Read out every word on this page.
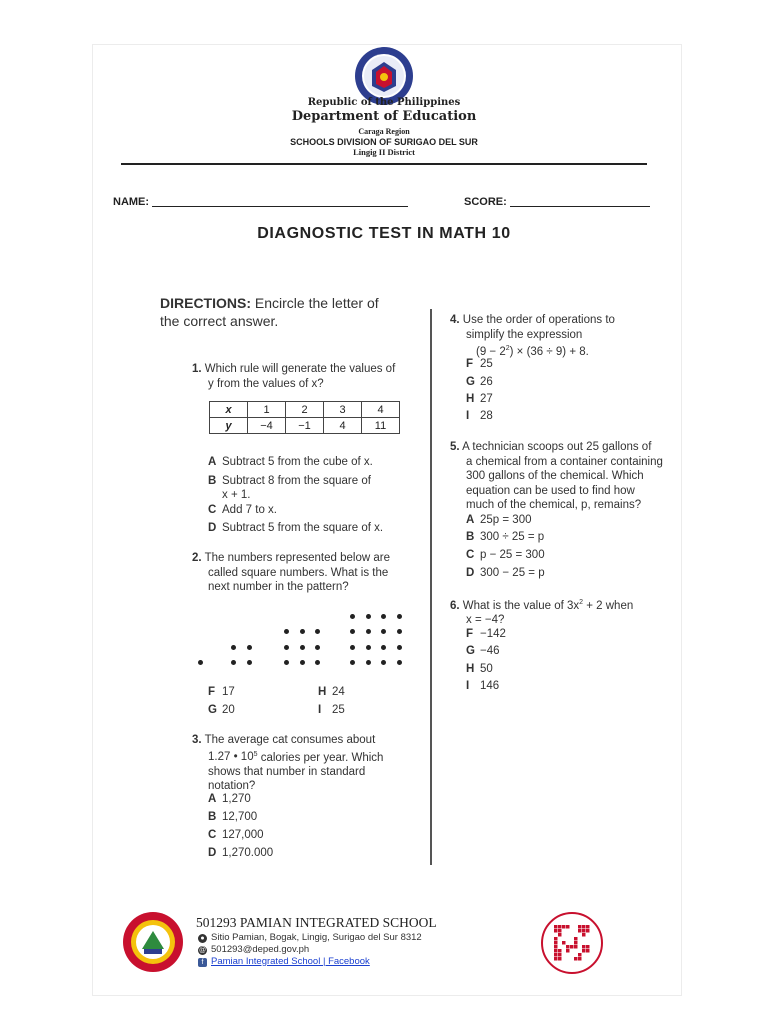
Republic of the Philippines
Department of Education
Caraga Region
SCHOOLS DIVISION OF SURIGAO DEL SUR
Lingig II District
NAME:	SCORE:
DIAGNOSTIC TEST IN MATH 10
DIRECTIONS: Encircle the letter of
the correct answer.
1. Which rule will generate the values of
y from the values of x?
x	1	2	3	4
y	−4	−1	4	11
A Subtract 5 from the cube of x.
B Subtract 8 from the square of
x + 1.
C Add 7 to x.
D Subtract 5 from the square of x.
2. The numbers represented below are
called square numbers. What is the
next number in the pattern?
F 17	H 24
G 20	I 25
3. The average cat consumes about
1.27 • $10^5$ calories per year. Which
shows that number in standard
notation?
A 1,270
B 12,700
C 127,000
D 1,270.000
4. Use the order of operations to
simplify the expression
$(9 - 2^2) \times (36 \div 9) + 8$.
F 25
G 26
H 27
I 28
5. A technician scoops out 25 gallons of
a chemical from a container containing
300 gallons of the chemical. Which
equation can be used to find how
much of the chemical, p, remains?
A 25p = 300
B 300 ÷ 25 = p
C p − 25 = 300
D 300 − 25 = p
6. What is the value of $3x^2 + 2$ when
x = −4?
F −142
G −46
H 50
I 146
501293 PAMIAN INTEGRATED SCHOOL
● Sitio Pamian, Bogak, Lingig, Surigao del Sur 8312
@ 501293@deped.gov.ph
f Pamian Integrated School | Facebook
